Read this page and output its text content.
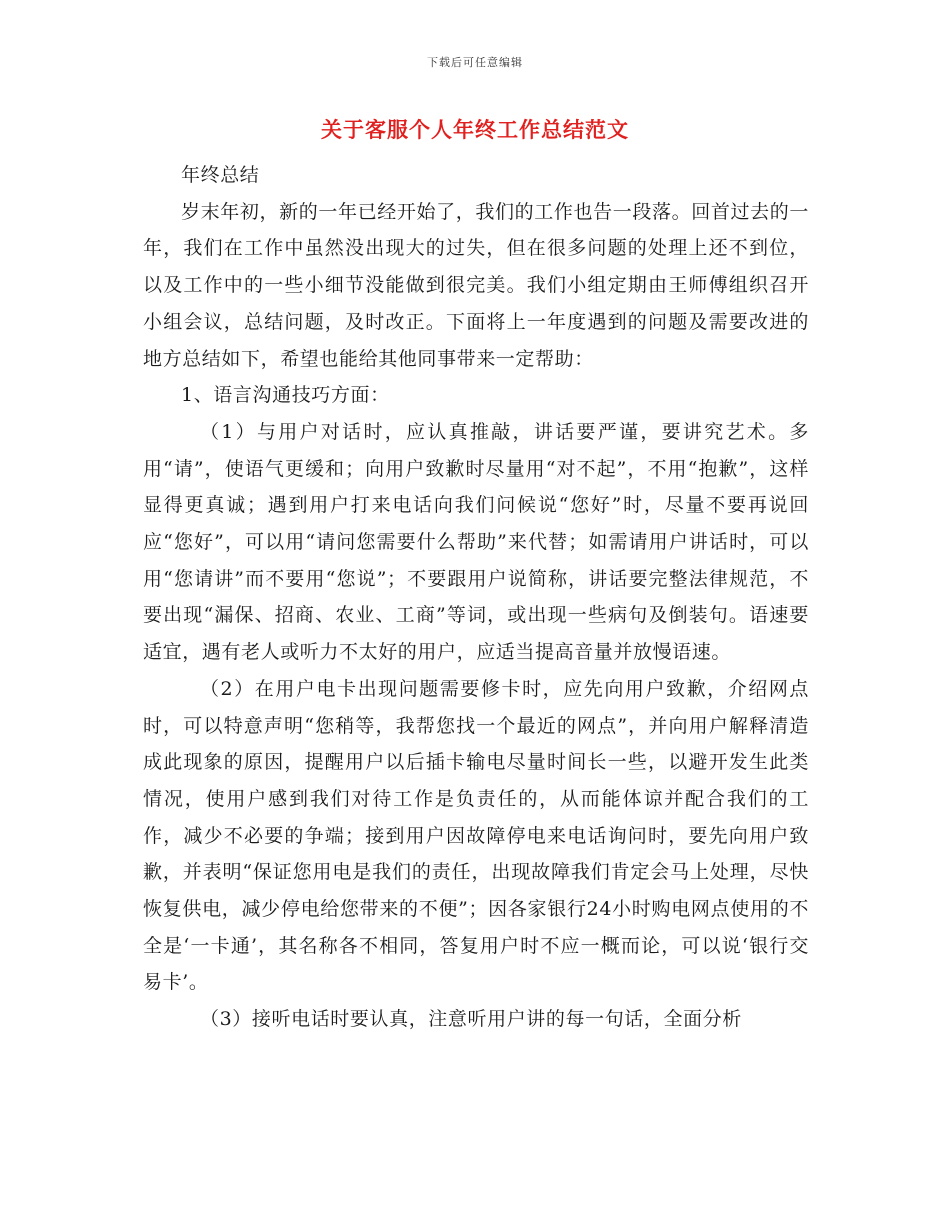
下载后可任意编辑
关于客服个人年终工作总结范文

年终总结

岁末年初，新的一年已经开始了，我们的工作也告一段落。回首过去的一年，我们在工作中虽然没出现大的过失，但在很多问题的处理上还不到位，以及工作中的一些小细节没能做到很完美。我们小组定期由王师傅组织召开小组会议，总结问题，及时改正。下面将上一年度遇到的问题及需要改进的地方总结如下，希望也能给其他同事带来一定帮助：

1、语言沟通技巧方面：

（1）与用户对话时，应认真推敲，讲话要严谨，要讲究艺术。多用“请”，使语气更缓和；向用户致歉时尽量用“对不起”，不用“抱歉”，这样显得更真诚；遇到用户打来电话向我们问候说“您好”时，尽量不要再说回应“您好”，可以用“请问您需要什么帮助”来代替；如需请用户讲话时，可以用“您请讲”而不要用“您说”；不要跟用户说简称，讲话要完整法律规范，不要出现“漏保、招商、农业、工商”等词，或出现一些病句及倒装句。语速要适宜，遇有老人或听力不太好的用户，应适当提高音量并放慢语速。

（2）在用户电卡出现问题需要修卡时，应先向用户致歉，介绍网点时，可以特意声明“您稍等，我帮您找一个最近的网点”，并向用户解释清造成此现象的原因，提醒用户以后插卡输电尽量时间长一些，以避开发生此类情况，使用户感到我们对待工作是负责任的，从而能体谅并配合我们的工作，减少不必要的争端；接到用户因故障停电来电话询问时，要先向用户致歉，并表明“保证您用电是我们的责任，出现故障我们肯定会马上处理，尽快恢复供电，减少停电给您带来的不便”；因各家银行24小时购电网点使用的不全是‘一卡通’，其名称各不相同，答复用户时不应一概而论，可以说‘银行交易卡’。

（3）接听电话时要认真，注意听用户讲的每一句话，全面分析
